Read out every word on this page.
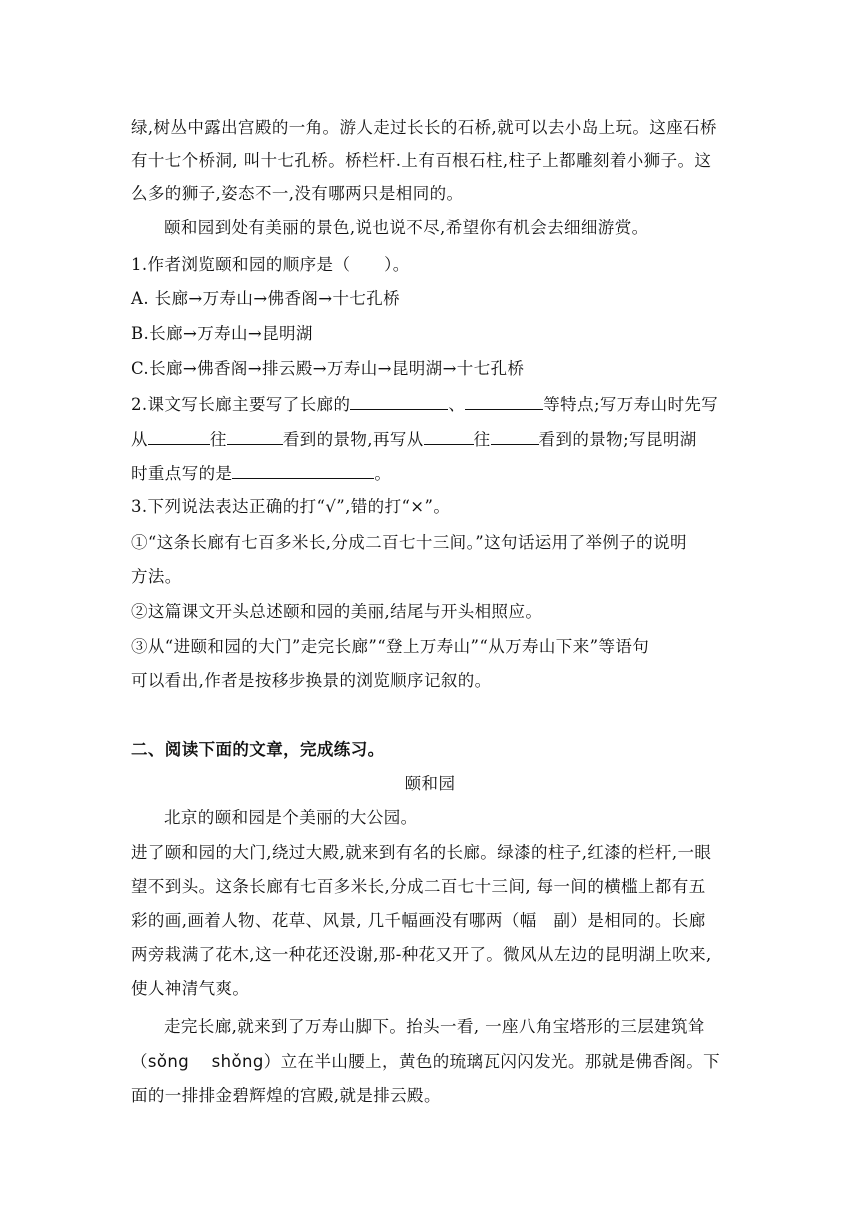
绿,树丛中露出宫殿的一角。游人走过长长的石桥,就可以去小岛上玩。这座石桥
有十七个桥洞, 叫十七孔桥。桥栏杆.上有百根石柱,柱子上都雕刻着小狮子。这
么多的狮子,姿态不一,没有哪两只是相同的。
颐和园到处有美丽的景色,说也说不尽,希望你有机会去细细游赏。
1.作者浏览颐和园的顺序是（　　）。
A. 长廊→万寿山→佛香阁→十七孔桥
B.长廊→万寿山→昆明湖
C.长廊→佛香阁→排云殿→万寿山→昆明湖→十七孔桥
2.课文写长廊主要写了长廊的	、	等特点;写万寿山时先写
从	往	看到的景物,再写从	往	看到的景物;写昆明湖
时重点写的是	。
3.下列说法表达正确的打“√”,错的打“×”。
①“这条长廊有七百多米长,分成二百七十三间。”这句话运用了举例子的说明
方法。
②这篇课文开头总述颐和园的美丽,结尾与开头相照应。
③从“进颐和园的大门”走完长廊”“登上万寿山”“从万寿山下来”等语句
可以看出,作者是按移步换景的浏览顺序记叙的。
二、阅读下面的文章，完成练习。
颐和园
北京的颐和园是个美丽的大公园。
进了颐和园的大门,绕过大殿,就来到有名的长廊。绿漆的柱子,红漆的栏杆,一眼
望不到头。这条长廊有七百多米长,分成二百七十三间, 每一间的横槛上都有五
彩的画,画着人物、花草、风景, 几千幅画没有哪两（幅　副）是相同的。长廊
两旁栽满了花木,这一种花还没谢,那-种花又开了。微风从左边的昆明湖上吹来,
使人神清气爽。
走完长廊,就来到了万寿山脚下。抬头一看, 一座八角宝塔形的三层建筑耸
（sǒng　 shǒng）立在半山腰上，黄色的琉璃瓦闪闪发光。那就是佛香阁。下
面的一排排金碧辉煌的宫殿,就是排云殿。
